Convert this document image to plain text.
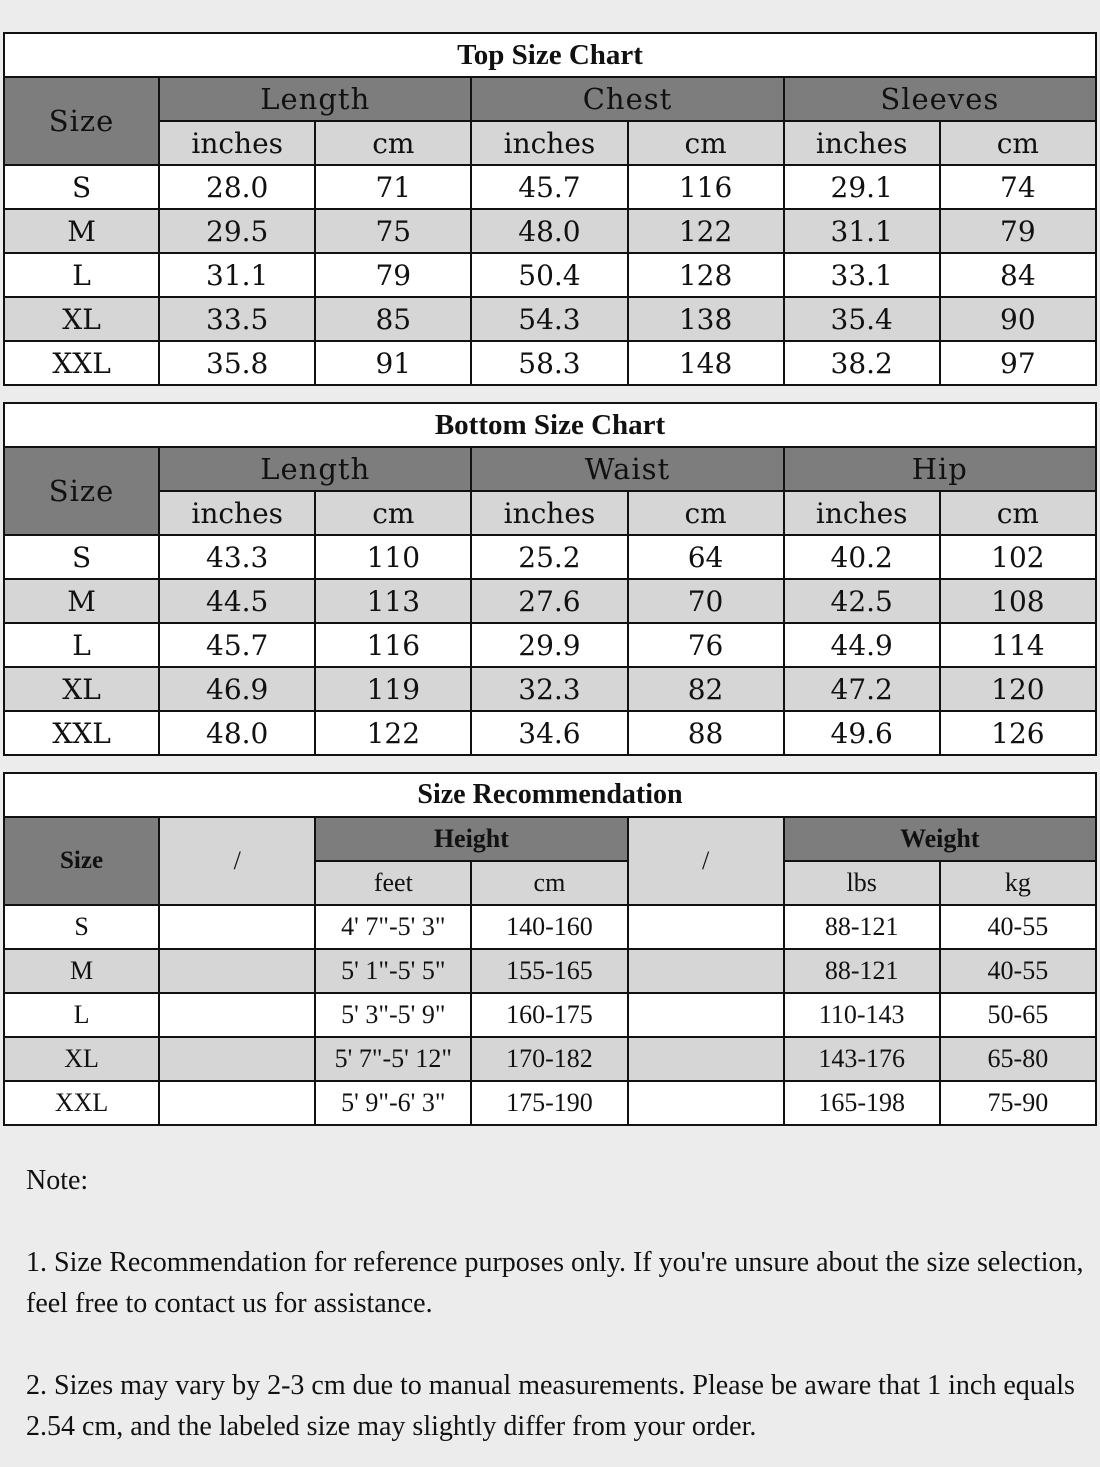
Top Size Chart						
Size	Length		Chest		Sleeves	
	inches	cm	inches	cm	inches	cm
S	28.0	71	45.7	116	29.1	74
M	29.5	75	48.0	122	31.1	79
L	31.1	79	50.4	128	33.1	84
XL	33.5	85	54.3	138	35.4	90
XXL	35.8	91	58.3	148	38.2	97
Bottom Size Chart						
Size	Length		Waist		Hip	
	inches	cm	inches	cm	inches	cm
S	43.3	110	25.2	64	40.2	102
M	44.5	113	27.6	70	42.5	108
L	45.7	116	29.9	76	44.9	114
XL	46.9	119	32.3	82	47.2	120
XXL	48.0	122	34.6	88	49.6	126
Size Recommendation						
Size	/	Height		/	Weight	
		feet	cm		lbs	kg
S		4' 7"-5' 3"	140-160		88-121	40-55
M		5' 1"-5' 5"	155-165		88-121	40-55
L		5' 3"-5' 9"	160-175		110-143	50-65
XL		5' 7"-5' 12"	170-182		143-176	65-80
XXL		5' 9"-6' 3"	175-190		165-198	75-90

Note:

1. Size Recommendation for reference purposes only. If you're unsure about the size selection, feel free to contact us for assistance.

2. Sizes may vary by 2-3 cm due to manual measurements. Please be aware that 1 inch equals 2.54 cm, and the labeled size may slightly differ from your order.
